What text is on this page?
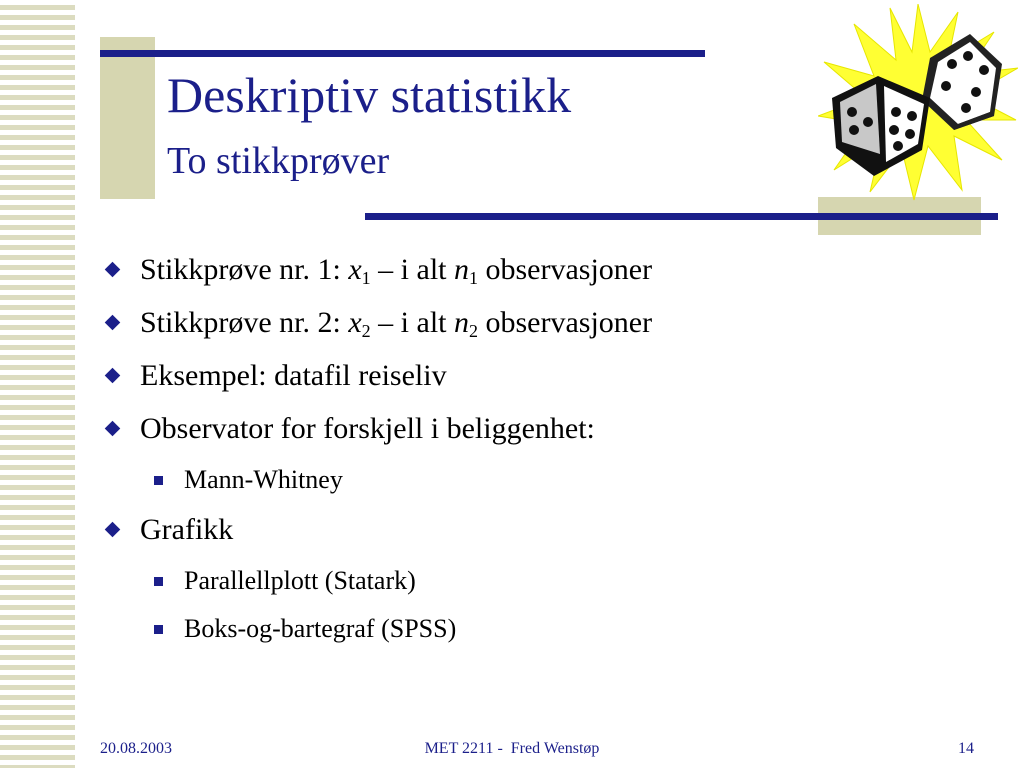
Deskriptiv statistikk
To stikkprøver
Stikkprøve nr. 1: $x_1$ – i alt $n_1$ observasjoner
Stikkprøve nr. 2: $x_2$ – i alt $n_2$ observasjoner
Eksempel: datafil reiseliv
Observator for forskjell i beliggenhet:
Mann-Whitney
Grafikk
Parallellplott (Statark)
Boks-og-bartegraf (SPSS)
20.08.2003	MET 2211 -  Fred Wenstøp	14
